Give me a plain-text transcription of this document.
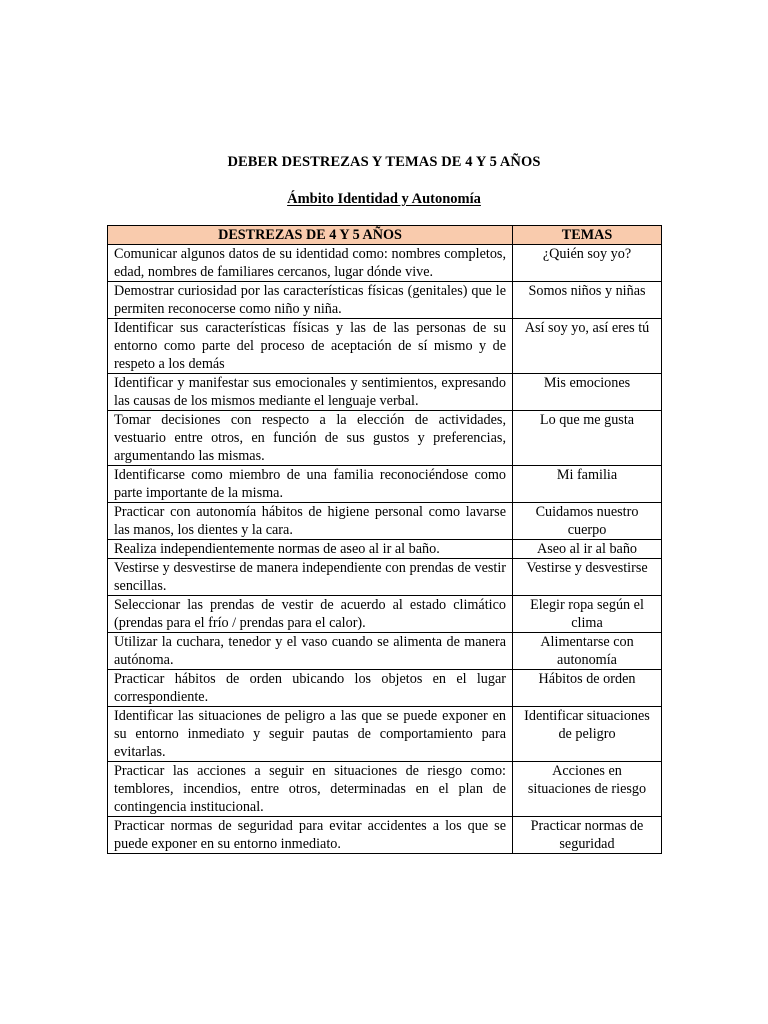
DEBER DESTREZAS Y TEMAS DE 4 Y 5 AÑOS
Ámbito Identidad y Autonomía
DESTREZAS DE 4 Y 5 AÑOS	TEMAS
Comunicar algunos datos de su identidad como: nombres completos, edad, nombres de familiares cercanos, lugar dónde vive.	¿Quién soy yo?
Demostrar curiosidad por las características físicas (genitales) que le permiten reconocerse como niño y niña.	Somos niños y niñas
Identificar sus características físicas y las de las personas de su entorno como parte del proceso de aceptación de sí mismo y de respeto a los demás	Así soy yo, así eres tú
Identificar y manifestar sus emocionales y sentimientos, expresando las causas de los mismos mediante el lenguaje verbal.	Mis emociones
Tomar decisiones con respecto a la elección de actividades, vestuario entre otros, en función de sus gustos y preferencias, argumentando las mismas.	Lo que me gusta
Identificarse como miembro de una familia reconociéndose como parte importante de la misma.	Mi familia
Practicar con autonomía hábitos de higiene personal como lavarse las manos, los dientes y la cara.	Cuidamos nuestro cuerpo
Realiza independientemente normas de aseo al ir al baño.	Aseo al ir al baño
Vestirse y desvestirse de manera independiente con prendas de vestir sencillas.	Vestirse y desvestirse
Seleccionar las prendas de vestir de acuerdo al estado climático (prendas para el frío / prendas para el calor).	Elegir ropa según el clima
Utilizar la cuchara, tenedor y el vaso cuando se alimenta de manera autónoma.	Alimentarse con autonomía
Practicar hábitos de orden ubicando los objetos en el lugar correspondiente.	Hábitos de orden
Identificar las situaciones de peligro a las que se puede exponer en su entorno inmediato y seguir pautas de comportamiento para evitarlas.	Identificar situaciones de peligro
Practicar las acciones a seguir en situaciones de riesgo como: temblores, incendios, entre otros, determinadas en el plan de contingencia institucional.	Acciones en situaciones de riesgo
Practicar normas de seguridad para evitar accidentes a los que se puede exponer en su entorno inmediato.	Practicar normas de seguridad
